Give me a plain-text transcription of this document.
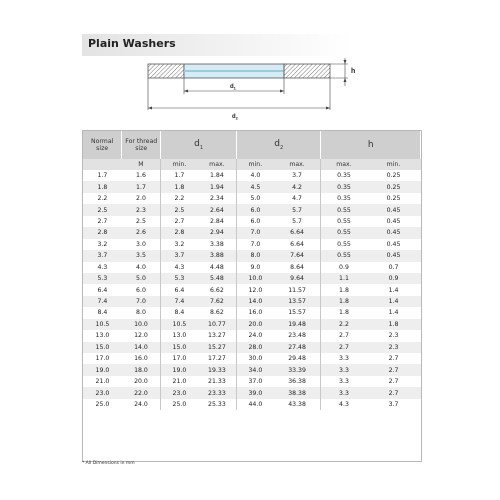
Plain Washers
h
$d_1$
$d_2$
Normal size	For thread size	$d_1$		$d_2$		h	
	M	min.	max.	min.	max.	max.	min.
1.7	1.6	1.7	1.84	4.0	3.7	0.35	0.25
1.8	1.7	1.8	1.94	4.5	4.2	0.35	0.25
2.2	2.0	2.2	2.34	5.0	4.7	0.35	0.25
2.5	2.3	2.5	2.64	6.0	5.7	0.55	0.45
2.7	2.5	2.7	2.84	6.0	5.7	0.55	0.45
2.8	2.6	2.8	2.94	7.0	6.64	0.55	0.45
3.2	3.0	3.2	3.38	7.0	6.64	0.55	0.45
3.7	3.5	3.7	3.88	8.0	7.64	0.55	0.45
4.3	4.0	4.3	4.48	9.0	8.64	0.9	0.7
5.3	5.0	5.3	5.48	10.0	9.64	1.1	0.9
6.4	6.0	6.4	6.62	12.0	11.57	1.8	1.4
7.4	7.0	7.4	7.62	14.0	13.57	1.8	1.4
8.4	8.0	8.4	8.62	16.0	15.57	1.8	1.4
10.5	10.0	10.5	10.77	20.0	19.48	2.2	1.8
13.0	12.0	13.0	13.27	24.0	23.48	2.7	2.3
15.0	14.0	15.0	15.27	28.0	27.48	2.7	2.3
17.0	16.0	17.0	17.27	30.0	29.48	3.3	2.7
19.0	18.0	19.0	19.33	34.0	33.39	3.3	2.7
21.0	20.0	21.0	21.33	37.0	36.38	3.3	2.7
23.0	22.0	23.0	23.33	39.0	38.38	3.3	2.7
25.0	24.0	25.0	25.33	44.0	43.38	4.3	3.7
* All Dimensions in mm
